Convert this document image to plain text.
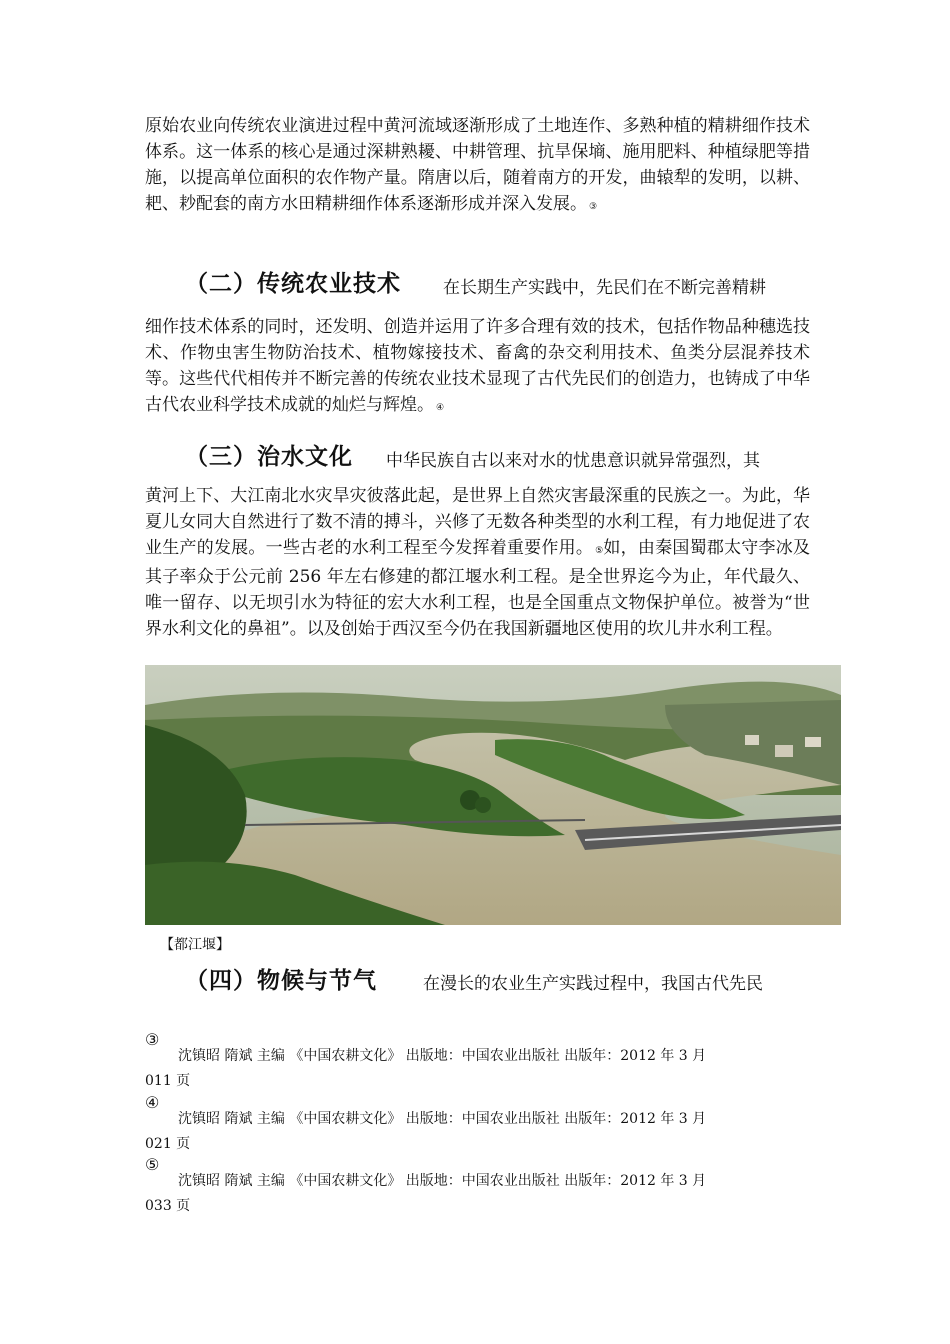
原始农业向传统农业演进过程中黄河流域逐渐形成了土地连作、多熟种植的精耕细作技术体系。这一体系的核心是通过深耕熟耰、中耕管理、抗旱保墒、施用肥料、种植绿肥等措施，以提高单位面积的农作物产量。隋唐以后，随着南方的开发，曲辕犁的发明，以耕、耙、耖配套的南方水田精耕细作体系逐渐形成并深入发展。 ③

（二）传统农业技术 在长期生产实践中，先民们在不断完善精耕

细作技术体系的同时，还发明、创造并运用了许多合理有效的技术，包括作物品种穗选技术、作物虫害生物防治技术、植物嫁接技术、畜禽的杂交利用技术、鱼类分层混养技术等。这些代代相传并不断完善的传统农业技术显现了古代先民们的创造力，也铸成了中华古代农业科学技术成就的灿烂与辉煌。 ④

（三）治水文化 中华民族自古以来对水的忧患意识就异常强烈，其

黄河上下、大江南北水灾旱灾彼落此起，是世界上自然灾害最深重的民族之一。为此，华夏儿女同大自然进行了数不清的搏斗，兴修了无数各种类型的水利工程，有力地促进了农业生产的发展。一些古老的水利工程至今发挥着重要作用。 ⑤如，由秦国蜀郡太守李冰及其子率众于公元前 256 年左右修建的都江堰水利工程。是全世界迄今为止，年代最久、唯一留存、以无坝引水为特征的宏大水利工程，也是全国重点文物保护单位。被誉为“世界水利文化的鼻祖”。以及创始于西汉至今仍在我国新疆地区使用的坎儿井水利工程。

【都江堰】
（四）物候与节气	在漫长的农业生产实践过程中，我国古代先民
③
沈镇昭 隋斌 主编 《中国农耕文化》 出版地：中国农业出版社 出版年：2012 年 3 月
011 页
④
沈镇昭 隋斌 主编 《中国农耕文化》 出版地：中国农业出版社 出版年：2012 年 3 月
021 页
⑤
沈镇昭 隋斌 主编 《中国农耕文化》 出版地：中国农业出版社 出版年：2012 年 3 月
033 页
